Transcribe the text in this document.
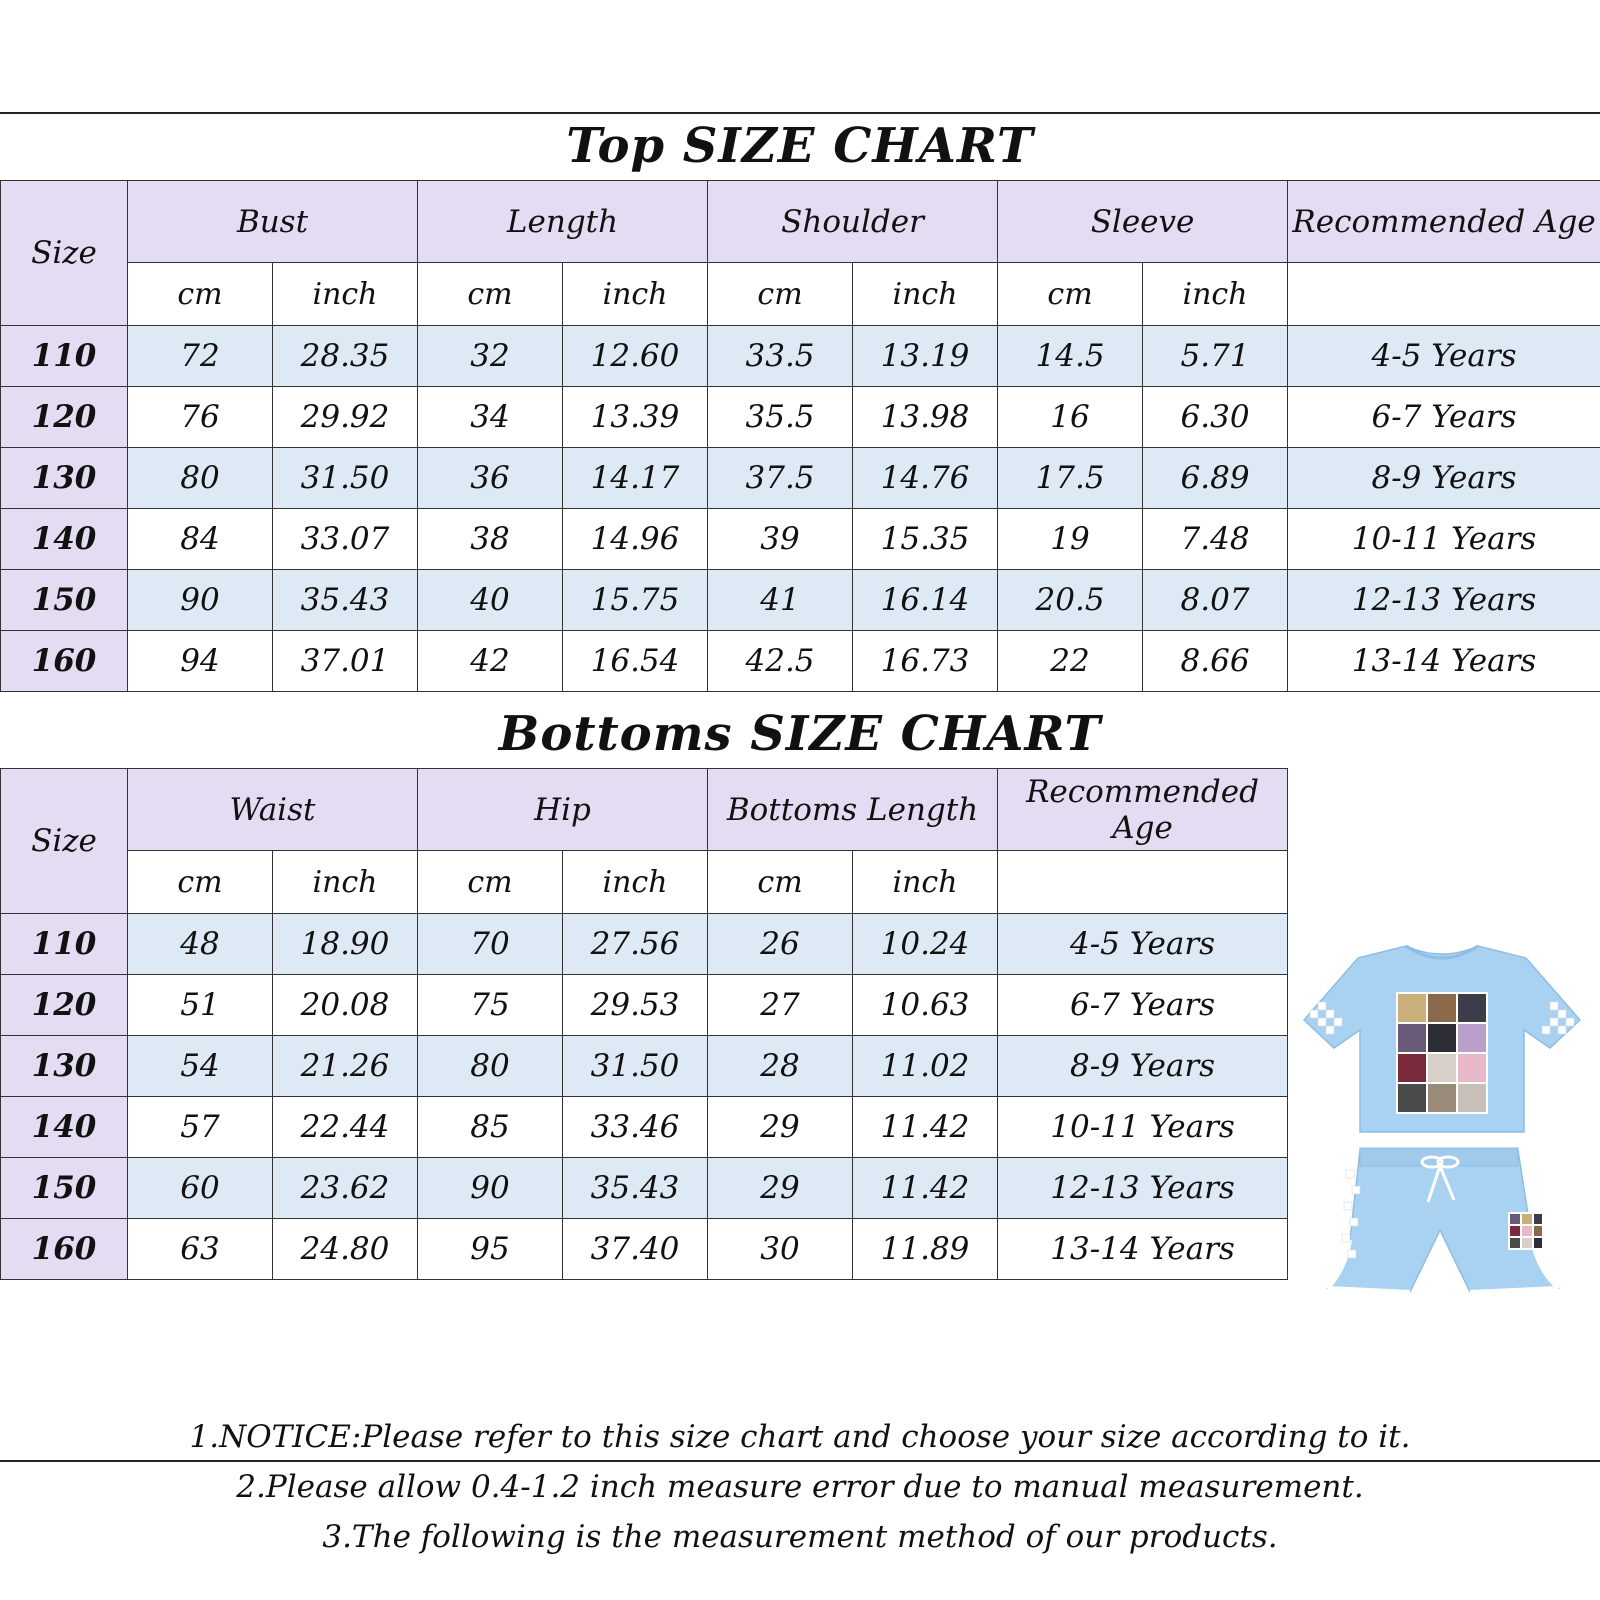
Top SIZE CHART
Size	Bust		Length		Shoulder		Sleeve		Recommended Age
	cm	inch	cm	inch	cm	inch	cm	inch	
110	72	28.35	32	12.60	33.5	13.19	14.5	5.71	4-5 Years
120	76	29.92	34	13.39	35.5	13.98	16	6.30	6-7 Years
130	80	31.50	36	14.17	37.5	14.76	17.5	6.89	8-9 Years
140	84	33.07	38	14.96	39	15.35	19	7.48	10-11 Years
150	90	35.43	40	15.75	41	16.14	20.5	8.07	12-13 Years
160	94	37.01	42	16.54	42.5	16.73	22	8.66	13-14 Years
Bottoms SIZE CHART
Size	Waist		Hip		Bottoms Length		Recommended Age
	cm	inch	cm	inch	cm	inch	
110	48	18.90	70	27.56	26	10.24	4-5 Years
120	51	20.08	75	29.53	27	10.63	6-7 Years
130	54	21.26	80	31.50	28	11.02	8-9 Years
140	57	22.44	85	33.46	29	11.42	10-11 Years
150	60	23.62	90	35.43	29	11.42	12-13 Years
160	63	24.80	95	37.40	30	11.89	13-14 Years
1.NOTICE:Please refer to this size chart and choose your size according to it.
2.Please allow 0.4-1.2 inch measure error due to manual measurement.
3.The following is the measurement method of our products.
